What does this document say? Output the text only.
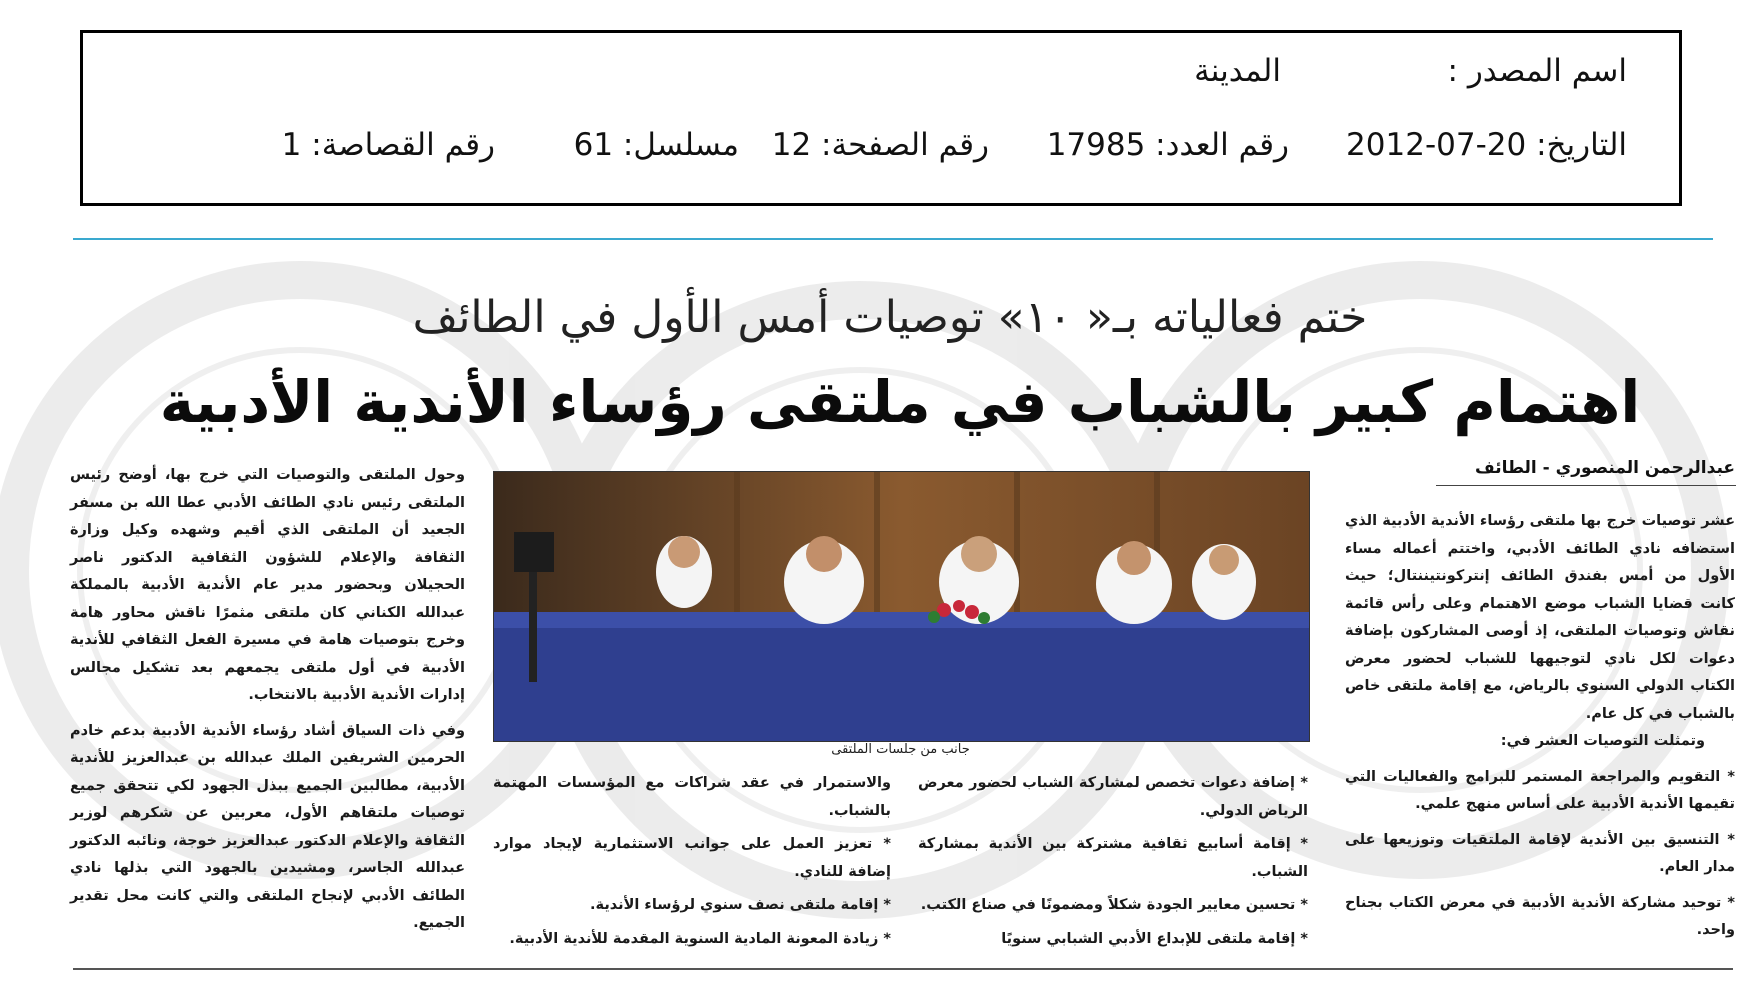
اسم المصدر :
المدينة
التاريخ: 20-07-2012
رقم العدد: 17985
رقم الصفحة: 12
مسلسل: 61
رقم القصاصة: 1
ختم فعالياته بـ« ١٠» توصيات أمس الأول في الطائف
اهتمام كبير بالشباب في ملتقى رؤساء الأندية الأدبية
عبدالرحمن المنصوري - الطائف

عشر توصيات خرج بها ملتقى رؤساء الأندية الأدبية الذي استضافه نادي الطائف الأدبي، واختتم أعماله مساء الأول من أمس بفندق الطائف إنتركونتيننتال؛ حيث كانت قضايا الشباب موضع الاهتمام وعلى رأس قائمة نقاش وتوصيات الملتقى، إذ أوصى المشاركون بإضافة دعوات لكل نادي لتوجيهها للشباب لحضور معرض الكتاب الدولي السنوي بالرياض، مع إقامة ملتقى خاص بالشباب في كل عام.

وتمثلت التوصيات العشر في:

* التقويم والمراجعة المستمر للبرامج والفعاليات التي تقيمها الأندية الأدبية على أساس منهج علمي.

* التنسيق بين الأندية لإقامة الملتقيات وتوزيعها على مدار العام.

* توحيد مشاركة الأندية الأدبية في معرض الكتاب بجناح واحد.

جانب من جلسات الملتقى

* إضافة دعوات تخصص لمشاركة الشباب لحضور معرض الرياض الدولي.

* إقامة أسابيع ثقافية مشتركة بين الأندية بمشاركة الشباب.

* تحسين معايير الجودة شكلاً ومضمونًا في صناع الكتب.

* إقامة ملتقى للإبداع الأدبي الشبابي سنويًا

والاستمرار في عقد شراكات مع المؤسسات المهتمة بالشباب.

* تعزيز العمل على جوانب الاستثمارية لإيجاد موارد إضافة للنادي.

* إقامة ملتقى نصف سنوي لرؤساء الأندية.

* زيادة المعونة المادية السنوية المقدمة للأندية الأدبية.

وحول الملتقى والتوصيات التي خرج بها، أوضح رئيس الملتقى رئيس نادي الطائف الأدبي عطا الله بن مسفر الجعيد أن الملتقى الذي أقيم وشهده وكيل وزارة الثقافة والإعلام للشؤون الثقافية الدكتور ناصر الحجيلان وبحضور مدير عام الأندية الأدبية بالمملكة عبدالله الكناني كان ملتقى مثمرًا ناقش محاور هامة وخرج بتوصيات هامة في مسيرة الفعل الثقافي للأندية الأدبية في أول ملتقى يجمعهم بعد تشكيل مجالس إدارات الأندية الأدبية بالانتخاب.

وفي ذات السياق أشاد رؤساء الأندية الأدبية بدعم خادم الحرمين الشريفين الملك عبدالله بن عبدالعزيز للأندية الأدبية، مطالبين الجميع ببذل الجهود لكي تتحقق جميع توصيات ملتقاهم الأول، معربين عن شكرهم لوزير الثقافة والإعلام الدكتور عبدالعزيز خوجة، ونائبه الدكتور عبدالله الجاسر، ومشيدين بالجهود التي بذلها نادي الطائف الأدبي لإنجاح الملتقى والتي كانت محل تقدير الجميع.
